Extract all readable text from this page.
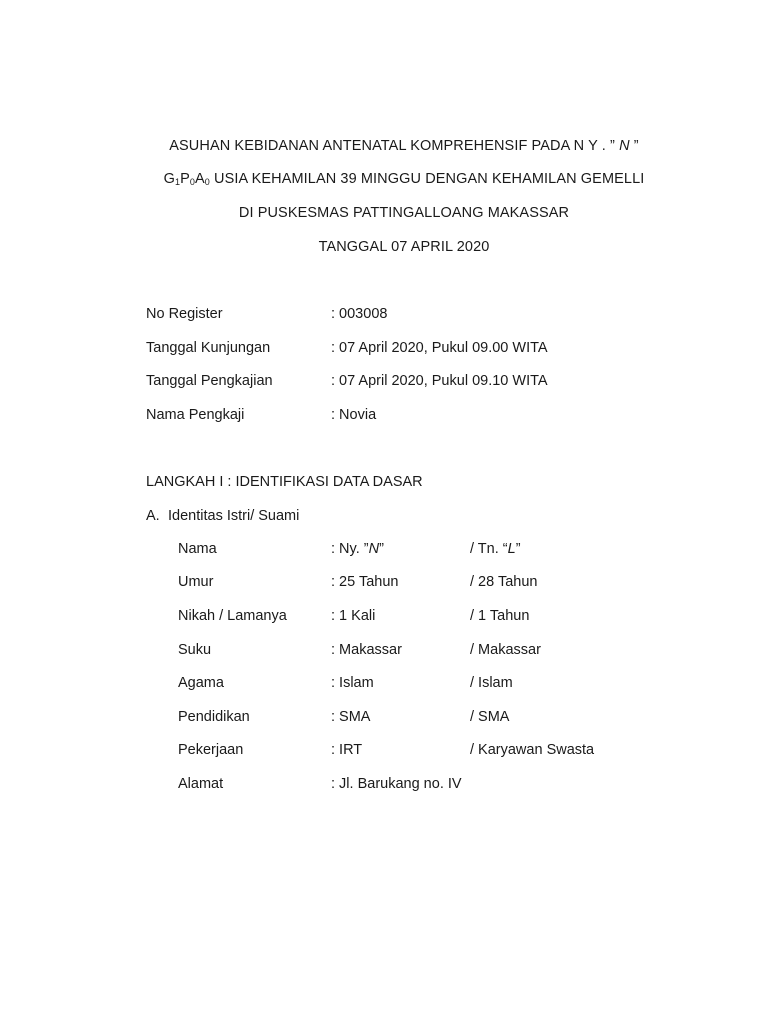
ASUHAN KEBIDANAN ANTENATAL KOMPREHENSIF PADA N Y . ” N ”
$G_1P_0A_0$ USIA KEHAMILAN 39 MINGGU DENGAN KEHAMILAN GEMELLI
DI PUSKESMAS PATTINGALLOANG MAKASSAR
TANGGAL 07 APRIL 2020
No Register	: 003008
Tanggal Kunjungan	: 07 April 2020, Pukul 09.00 WITA
Tanggal Pengkajian	: 07 April 2020, Pukul 09.10 WITA
Nama Pengkaji	: Novia
LANGKAH I : IDENTIFIKASI DATA DASAR
A. Identitas Istri/ Suami
Nama	: Ny. ”N”	/ Tn. “L”
Umur	: 25 Tahun	/ 28 Tahun
Nikah / Lamanya	: 1 Kali	/ 1 Tahun
Suku	: Makassar	/ Makassar
Agama	: Islam	/ Islam
Pendidikan	: SMA	/ SMA
Pekerjaan	: IRT	/ Karyawan Swasta
Alamat	: Jl. Barukang no. IV
